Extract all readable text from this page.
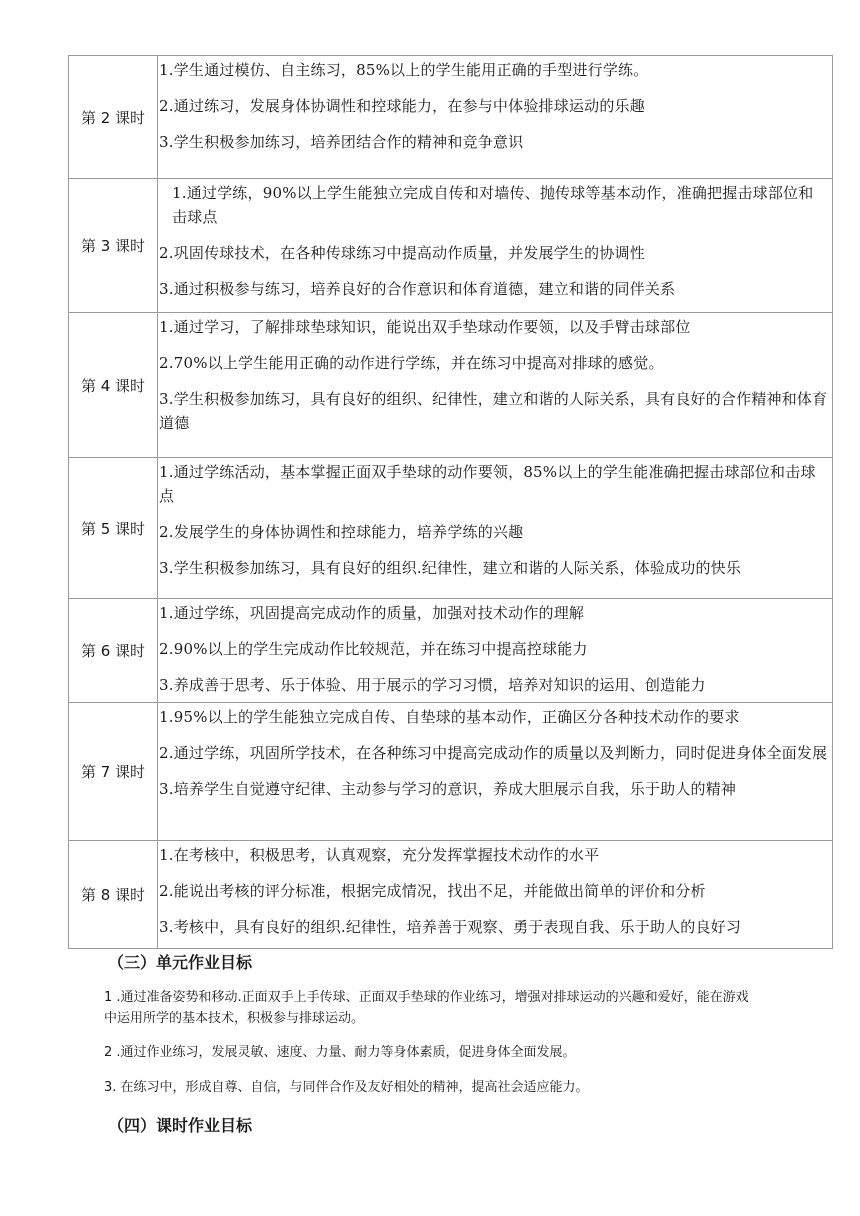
第 2 课时	1.学生通过模仿、自主练习，85%以上的学生能用正确的手型进行学练。
2.通过练习，发展身体协调性和控球能力，在参与中体验排球运动的乐趣
3.学生积极参加练习，培养团结合作的精神和竞争意识

第 3 课时	1.通过学练，90%以上学生能独立完成自传和对墙传、抛传球等基本动作，准确把握击球部位和击球点
2.巩固传球技术，在各种传球练习中提高动作质量，并发展学生的协调性
3.通过积极参与练习，培养良好的合作意识和体育道德，建立和谐的同伴关系

第 4 课时	1.通过学习，了解排球垫球知识，能说出双手垫球动作要领，以及手臂击球部位
2.70%以上学生能用正确的动作进行学练，并在练习中提高对排球的感觉。
3.学生积极参加练习，具有良好的组织、纪律性，建立和谐的人际关系，具有良好的合作精神和体育道德

第 5 课时	1.通过学练活动，基本掌握正面双手垫球的动作要领，85%以上的学生能准确把握击球部位和击球点
2.发展学生的身体协调性和控球能力，培养学练的兴趣
3.学生积极参加练习，具有良好的组织.纪律性，建立和谐的人际关系，体验成功的快乐

第 6 课时	1.通过学练，巩固提高完成动作的质量，加强对技术动作的理解
2.90%以上的学生完成动作比较规范，并在练习中提高控球能力
3.养成善于思考、乐于体验、用于展示的学习习惯，培养对知识的运用、创造能力

第 7 课时	1.95%以上的学生能独立完成自传、自垫球的基本动作，正确区分各种技术动作的要求
2.通过学练，巩固所学技术，在各种练习中提高完成动作的质量以及判断力，同时促进身体全面发展
3.培养学生自觉遵守纪律、主动参与学习的意识，养成大胆展示自我，乐于助人的精神

第 8 课时	1.在考核中，积极思考，认真观察，充分发挥掌握技术动作的水平
2.能说出考核的评分标准，根据完成情况，找出不足，并能做出简单的评价和分析
3.考核中，具有良好的组织.纪律性，培养善于观察、勇于表现自我、乐于助人的良好习
（三）单元作业目标
1 .通过准备姿势和移动.正面双手上手传球、正面双手垫球的作业练习，增强对排球运动的兴趣和爱好，能在游戏中运用所学的基本技术，积极参与排球运动。
2 .通过作业练习，发展灵敏、速度、力量、耐力等身体素质，促进身体全面发展。
3. 在练习中，形成自尊、自信，与同伴合作及友好相处的精神，提高社会适应能力。
（四）课时作业目标
